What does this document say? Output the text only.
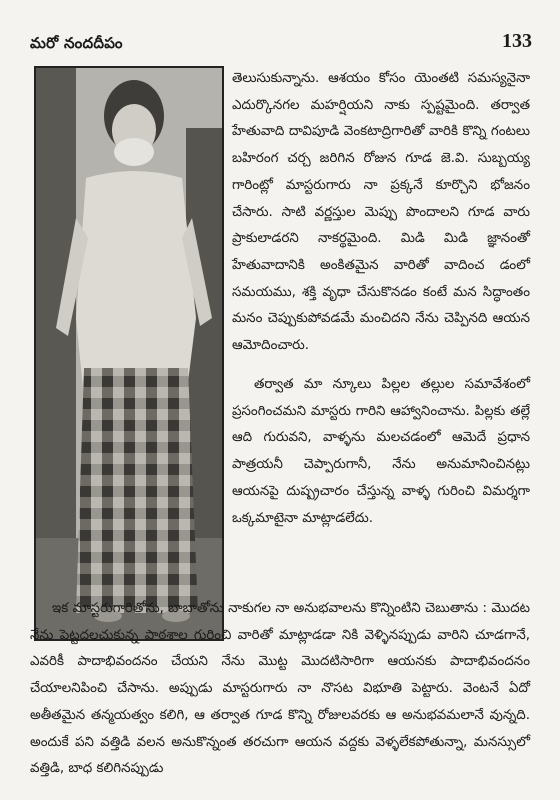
మరో నందదీపం	133

తెలుసుకున్నాను. ఆశయం కోసం యెంతటి సమస్యనైనా ఎదుర్కొనగల మహర్షియని నాకు స్పష్టమైంది. తర్వాత హేతువాది దావిపూడి వెంకటాద్రిగారితో వారికి కొన్ని గంటలు బహిరంగ చర్చ జరిగిన రోజున గూడ జె.వి. సుబ్బయ్య గారింట్లో మాస్టరుగారు నా ప్రక్కనే కూర్చొని భోజనం చేసారు. సాటి వర్ణస్తుల మెప్పు పొందాలని గూడ వారు ప్రాకులాడరని నాకర్థమైంది. మిడి మిడి జ్ఞానంతో హేతువాదానికి అంకితమైన వారితో వాదించ డంలో సమయము, శక్తి వృధా చేసుకొనడం కంటే మన సిద్ధాంతం మనం చెప్పుకుపోవడమే మంచిదని నేను చెప్పినది ఆయన ఆమోదించారు.

తర్వాత మా న్కూలు పిల్లల తల్లుల సమావేశంలో ప్రసంగించమని మాస్టరు గారిని ఆహ్వానించాను. పిల్లకు తల్లే ఆది గురువని, వాళ్ళను మలచడంలో ఆమెదే ప్రధాన పాత్రయనీ చెప్పారుగానీ, నేను అనుమానించినట్లు ఆయనపై దుష్ప్రచారం చేస్తున్న వాళ్ళ గురించి విమర్శగా ఒక్కమాటైనా మాట్లాడలేదు.

ఇక మాస్టరుగారితోను, బాబాతోను నాకుగల నా అనుభవాలను కొన్నింటిని చెబుతాను : మొదట నేను పెట్టదలచుకున్న పాఠశాల గురించి వారితో మాట్లాడడా నికి వెళ్ళినప్పుడు వారిని చూడగానే, ఎవరికీ పాదాభివందనం చేయని నేను మొట్ట మొదటిసారిగా ఆయనకు పాదాభివందనం చేయాలనిపించి చేసాను. అప్పుడు మాస్టరుగారు నా నొసట విభూతి పెట్టారు. వెంటనే ఏదో అతీతమైన తన్మయత్వం కలిగి, ఆ తర్వాత గూడ కొన్ని రోజులవరకు ఆ అనుభవమలానే వున్నది. అందుకే పని వత్తిడి వలన అనుకొన్నంత తరచుగా ఆయన వద్దకు వెళ్ళలేకపోతున్నా, మనస్సులో వత్తిడి, బాధ కలిగినప్పుడు
